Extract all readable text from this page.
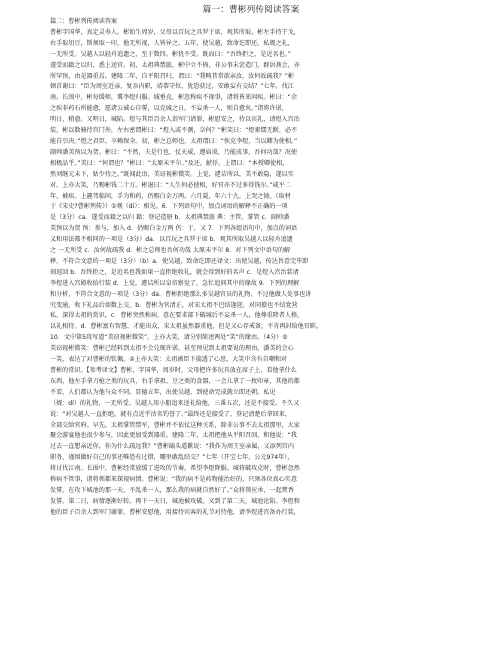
篇一：曹彬列传阅读答案
篇二：曹彬列传阅读答案
曹彬字国华，真定灵寿人。彬始生周岁，父母以百玩之具罗于席，观其所取。彬左手持干戈，
右手取俎豆，斯须取一印，他无所视，人皆异之。五年，使吴越，致命讫即还。私觌之礼，
一无所受。吴越人以轻舟追遗之，至于数四。彬犹不受。既而曰：“吾终拒之，是近名也。”
遂受而籍之以归，悉上送官。初，太祖典禁旅，彬中立不倚，非公事未尝造门，群居燕会，亦
所罕预，由是器重焉。建隆二年，自平阳召归，谓曰：“我畴昔常欲亲汝，汝何故疏我？”彬
顿首谢曰：“臣为周室近亲，复忝内职，靖恭守位，犹恐获过，安敢妄有交结？”七年，伐江
南。长围中，彬每缓师，冀李煜归服。城垂克，彬忽称疾不视事，诸将皆来问疾。彬曰：“余
之疾非药石所能愈，愿诸公诚心自誓，以克城之日，不妄杀一人，则自愈矣。”诸将许诺，
明日，稍愈。又明日，城陷。煜与其臣百余人诣军门请罪，彬慰安之，待以宾礼，请煜入宫治
装，彬以数骑待宫门外，左右密谓彬曰：“煜入或不测，奈何？”彬笑曰：“煜素懦无断，必不
能自引决。”煜之君臣，卒赖保全。初，彬之总师也，太祖谓曰：“俟克李煜，当以卿为使相。”
副帅潘美预以为贺。彬曰：“不然，夫是行也，仗天威，遵庙谟，乃能成事，吾何功哉？况使
相极品乎。”美曰：“何谓也？”彬曰：“太原未平尔。”及还，献俘。上谓曰：“本授卿使相，
然刘继元未下，姑少待之。”既闻此语，美窃视彬微笑。上觉，遽诘所以，美不敢隐，遂以实
对。上亦大笑，乃赐彬钱二十万。彬退曰：“人生何必使相，好官亦不过多得钱尔。”咸平二
年，被疾。上趣驾临问，手为和药，仍赐白金万两。六月薨，年六十九。上哭之恸。（取材
于《宋史?曹彬列传》）①觌（dí）：相见。6．下列语句中，加点词语的解释不正确的一项
是（3分）ca．遂受而籍之以归 籍：登记造册 b．太祖典禁旅 典：主管，掌管 c．副帅潘
美预以为贺 预：参与，加入 d．仍赐白金万两 仍：于，又 7．下列各组语句中，加点的词语
义和用法都不相同的一项是（3分）da．以百玩之具罗于席 b．观其所取吴越人以轻舟追遗
之 一无所受 c．汝何故疏我 d．彬之总师也吾何功哉 太原未平尔 8．对下列文中语句的解
释，不符合文意的一项是（3分）（b）a．使吴越，致命讫即还译文：出使吴越，传达旨意完毕即
刻返回 b．吾终拒之，是近名也我如果一直拒绝收礼，就会得到好的名声 c．是煜入宫治装请
李煜进入宫殿收拾行装 d．上觉，遽诘所以皇帝察觉了，急忙追问其中的缘故 9．下列的理解
和分析，不符合文意的一项是（3分）da．曹彬拒绝那么多吴越官员的礼物，不过他做人处事也讲
究变通，收下礼品后如数上交。b．曹彬为官清正，对宋太祖不巴结逢迎，对同僚也不结党营
私，深得太祖的赏识。c．曹彬突然称病，意在要求部下破城后不妄杀一人，他尊重降者人格，
以礼相待。d．曹彬富有智慧，才能出众，宋太祖虽然器重他，但是又心存戒备，不肯再封给他官职。
10．文中第5段写道“美窃视彬微笑”，上亦大笑，请分别简述两处“笑”的缘由。（4分）⑤
美窃视彬微笑：曹彬已经料到太祖不会兑现许诺，甚至预见到太祖要说的理由。潘美的会心
一笑，表达了对曹彬的钦佩。②上亦大笑：太祖被臣下揣透了心思，大笑中含有自嘲和对
曹彬的赏识。【参考译文】曹彬，字国华，周岁时，父母把许多玩具放在席子上，看他拿什么
东西，他左手拿刀枪之类的玩具，右手拿祖、豆之类的食器，一会儿拿了一枚印章，其他的都
不看，人们都认为他与众不同。显德五年，出使吴越，到使命完成就立即还朝。私见
（觌：dí）的礼物，一无所受。吴越人用小船追来送礼给他，三番五次，还是不接受。不久又
说：“对吴越人一直拒绝，就有点近乎沽名钓誉了。”最终还是接受了，登记清楚后拿回来，
全部交给官府。早先，太祖掌管禁军，曹彬并不依仗这种关系，除非公事不去太祖那里，大家
聚会游宴他也很少参与，因此更加受到器重。建隆二年，太祖把他从平阳召回，和他说：“我
过去一直想亲近你，你为什么疏远我？”曹彬磕头道歉说：“我作为周王室亲属，又添列宫内
职务，谨慎做好自己的事还唯恐有过错，哪里敢乱结交？”七年（开宝七年，公元974年），
将讨伐江南。长围中，曹彬经常放缓了进攻的节奏，希望李煜降服。城将破攻克时，曹彬忽然
称病不管事，诸将领都来探视病情。曹彬说：“我的病不是药物能治好的，只须各位真心实意
发誓，在攻下城池的那一天，不乱杀一人，那么我的病就自然好了。”众将领应承，一起焚香
发誓。第二日，病情逐渐好转。再下一天日，城池被攻破。又到了第二天，城池沦陷。李煜和
他的臣子百余人到军门谢罪，曹彬安慰他，用接待宾客的礼节对待他，请李煜进宫备办行装，
